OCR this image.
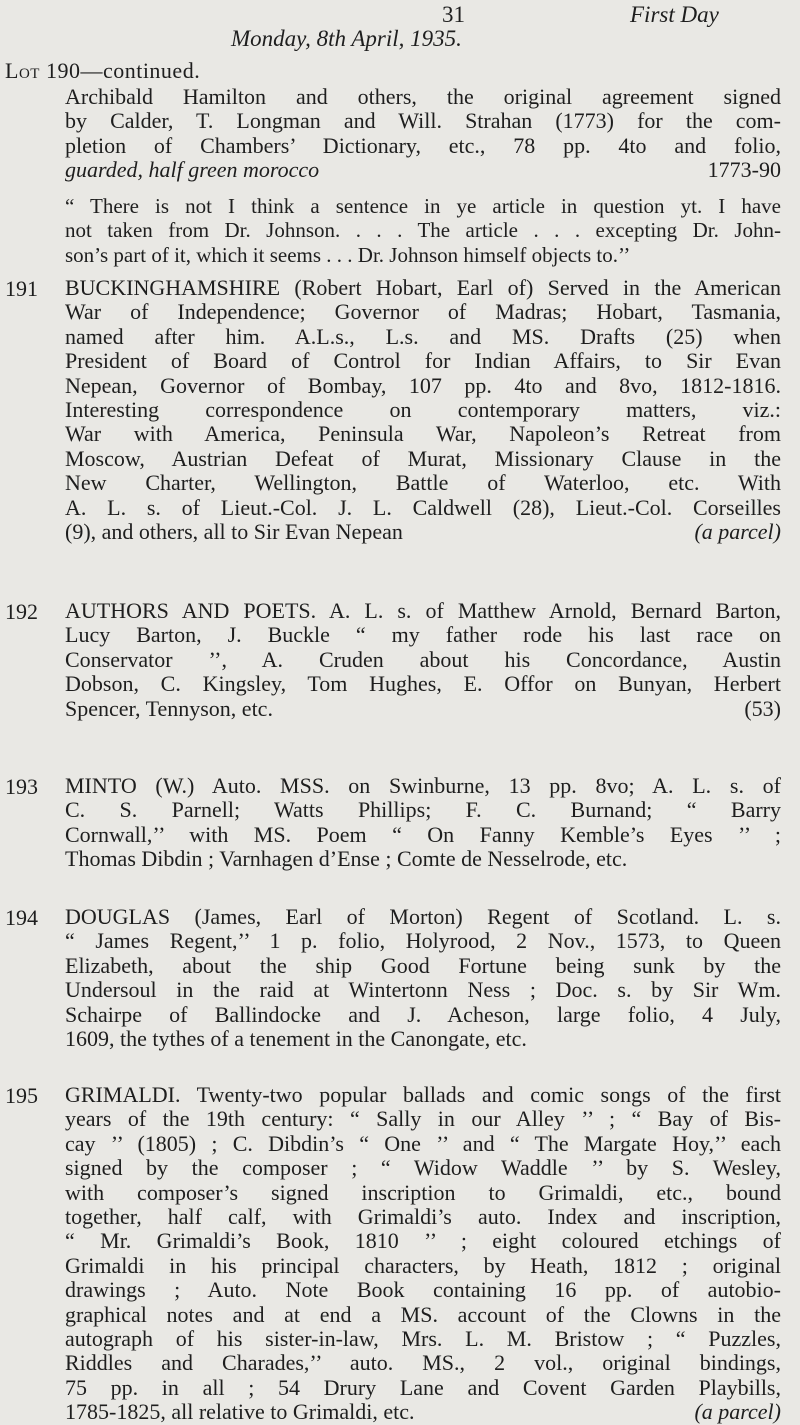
31	First Day
Monday, 8th April, 1935.
Lot 190—continued.
Archibald Hamilton and others, the original agreement signed
by Calder, T. Longman and Will. Strahan (1773) for the com-
pletion of Chambers’ Dictionary, etc., 78 pp. 4to and folio,
guarded, half green morocco	1773-90
“ There is not I think a sentence in ye article in question yt. I have
not taken from Dr. Johnson. . . . The article . . . excepting Dr. John-
son’s part of it, which it seems . . . Dr. Johnson himself objects to.’’
191 BUCKINGHAMSHIRE (Robert Hobart, Earl of) Served in the American
War of Independence; Governor of Madras; Hobart, Tasmania,
named after him. A.L.s., L.s. and MS. Drafts (25) when
President of Board of Control for Indian Affairs, to Sir Evan
Nepean, Governor of Bombay, 107 pp. 4to and 8vo, 1812-1816.
Interesting correspondence on contemporary matters, viz.:
War with America, Peninsula War, Napoleon’s Retreat from
Moscow, Austrian Defeat of Murat, Missionary Clause in the
New Charter, Wellington, Battle of Waterloo, etc. With
A. L. s. of Lieut.-Col. J. L. Caldwell (28), Lieut.-Col. Corseilles
(9), and others, all to Sir Evan Nepean	(a parcel)
192 AUTHORS AND POETS. A. L. s. of Matthew Arnold, Bernard Barton,
Lucy Barton, J. Buckle “ my father rode his last race on
Conservator ’’, A. Cruden about his Concordance, Austin
Dobson, C. Kingsley, Tom Hughes, E. Offor on Bunyan, Herbert
Spencer, Tennyson, etc.	(53)
193 MINTO (W.) Auto. MSS. on Swinburne, 13 pp. 8vo; A. L. s. of
C. S. Parnell; Watts Phillips; F. C. Burnand; “ Barry
Cornwall,’’ with MS. Poem “ On Fanny Kemble’s Eyes ’’ ;
Thomas Dibdin ; Varnhagen d’Ense ; Comte de Nesselrode, etc.
194 DOUGLAS (James, Earl of Morton) Regent of Scotland. L. s.
“ James Regent,’’ 1 p. folio, Holyrood, 2 Nov., 1573, to Queen
Elizabeth, about the ship Good Fortune being sunk by the
Undersoul in the raid at Wintertonn Ness ; Doc. s. by Sir Wm.
Schairpe of Ballindocke and J. Acheson, large folio, 4 July,
1609, the tythes of a tenement in the Canongate, etc.
195 GRIMALDI. Twenty-two popular ballads and comic songs of the first
years of the 19th century: “ Sally in our Alley ’’ ; “ Bay of Bis-
cay ’’ (1805) ; C. Dibdin’s “ One ’’ and “ The Margate Hoy,’’ each
signed by the composer ; “ Widow Waddle ’’ by S. Wesley,
with composer’s signed inscription to Grimaldi, etc., bound
together, half calf, with Grimaldi’s auto. Index and inscription,
“ Mr. Grimaldi’s Book, 1810 ’’ ; eight coloured etchings of
Grimaldi in his principal characters, by Heath, 1812 ; original
drawings ; Auto. Note Book containing 16 pp. of autobio-
graphical notes and at end a MS. account of the Clowns in the
autograph of his sister-in-law, Mrs. L. M. Bristow ; “ Puzzles,
Riddles and Charades,’’ auto. MS., 2 vol., original bindings,
75 pp. in all ; 54 Drury Lane and Covent Garden Playbills,
1785-1825, all relative to Grimaldi, etc.	(a parcel)
